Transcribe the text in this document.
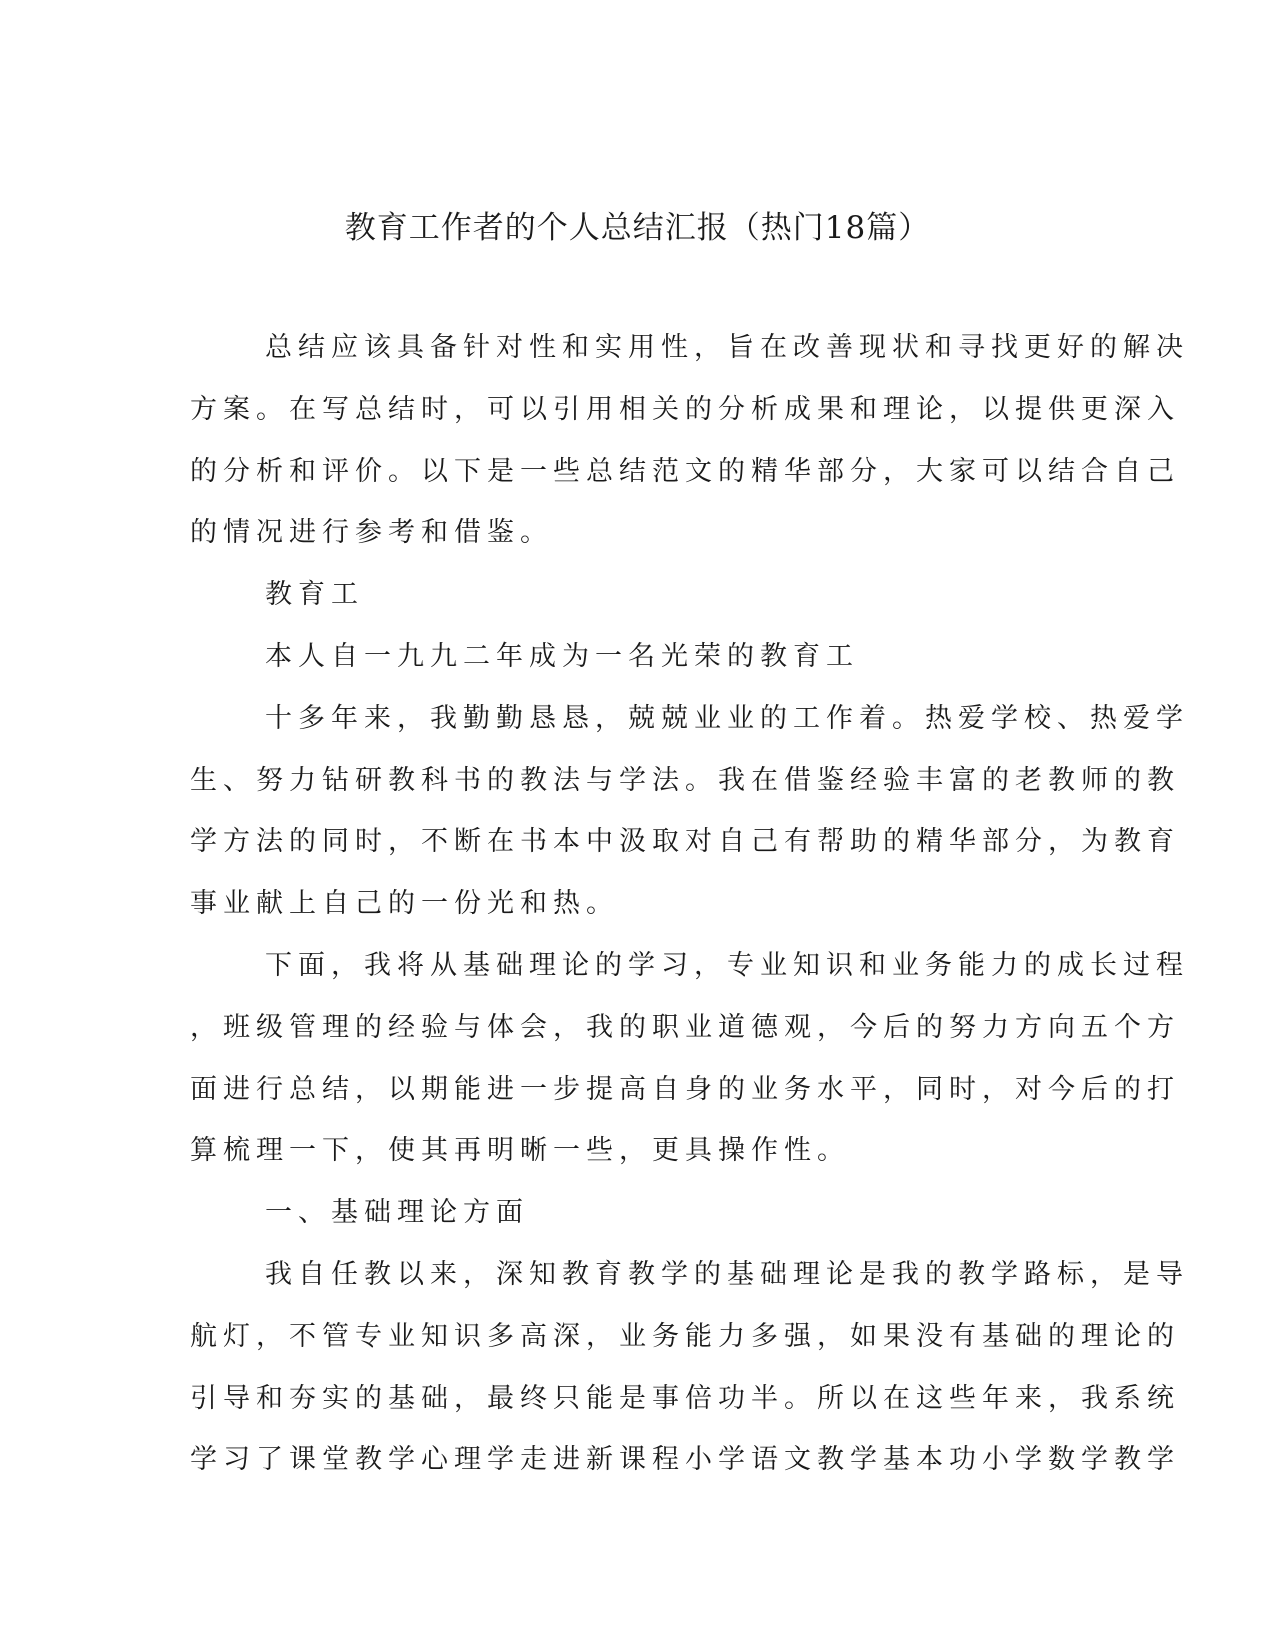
教育工作者的个人总结汇报（热门18篇）
总结应该具备针对性和实用性，旨在改善现状和寻找更好的解决
方案。在写总结时，可以引用相关的分析成果和理论，以提供更深入
的分析和评价。以下是一些总结范文的精华部分，大家可以结合自己
的情况进行参考和借鉴。
教育工
本人自一九九二年成为一名光荣的教育工
十多年来，我勤勤恳恳，兢兢业业的工作着。热爱学校、热爱学
生、努力钻研教科书的教法与学法。我在借鉴经验丰富的老教师的教
学方法的同时，不断在书本中汲取对自己有帮助的精华部分，为教育
事业献上自己的一份光和热。
下面，我将从基础理论的学习，专业知识和业务能力的成长过程
，班级管理的经验与体会，我的职业道德观，今后的努力方向五个方
面进行总结，以期能进一步提高自身的业务水平，同时，对今后的打
算梳理一下，使其再明晰一些，更具操作性。
一、基础理论方面
我自任教以来，深知教育教学的基础理论是我的教学路标，是导
航灯，不管专业知识多高深，业务能力多强，如果没有基础的理论的
引导和夯实的基础，最终只能是事倍功半。所以在这些年来，我系统
学习了课堂教学心理学走进新课程小学语文教学基本功小学数学教学
